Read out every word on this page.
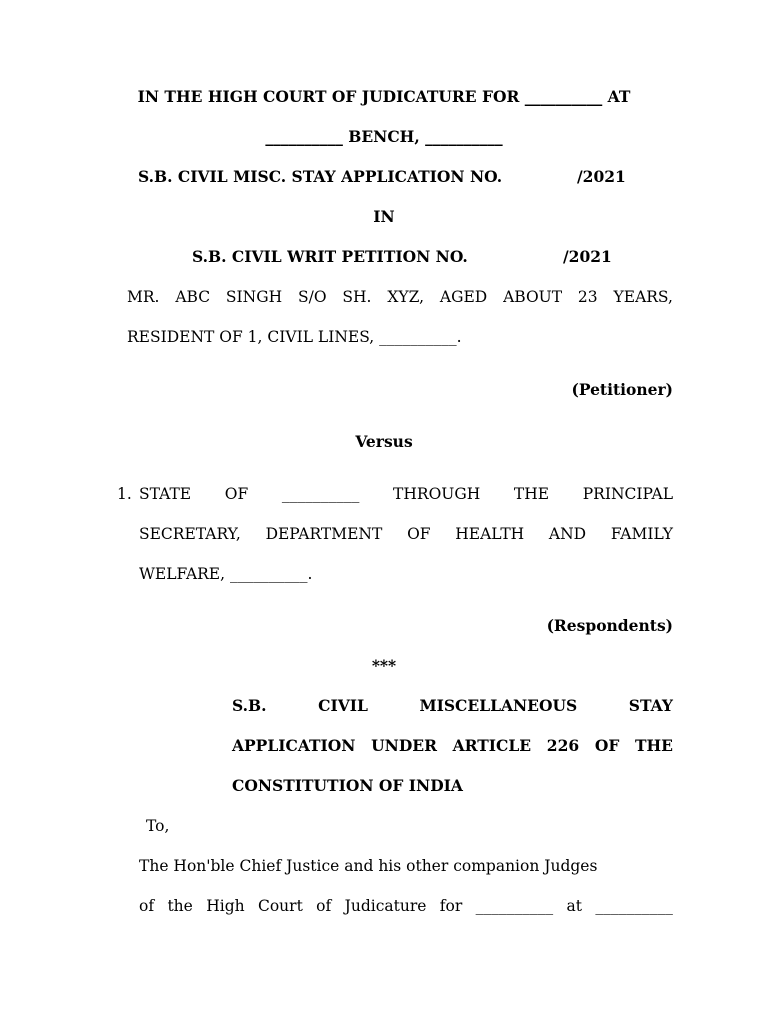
IN THE HIGH COURT OF JUDICATURE FOR __________ AT
__________ BENCH, __________
S.B. CIVIL MISC. STAY APPLICATION NO.	/2021
IN
S.B. CIVIL WRIT PETITION NO.	/2021
MR. ABC SINGH S/O SH. XYZ, AGED ABOUT 23 YEARS,
RESIDENT OF 1, CIVIL LINES, __________.
(Petitioner)
Versus
1. STATE OF __________ THROUGH THE PRINCIPAL
SECRETARY, DEPARTMENT OF HEALTH AND FAMILY
WELFARE, __________.
(Respondents)
***
S.B.	CIVIL	MISCELLANEOUS	STAY
APPLICATION UNDER ARTICLE 226 OF THE
CONSTITUTION OF INDIA
To,
The Hon'ble Chief Justice and his other companion Judges
of the High Court of Judicature for __________ at __________
